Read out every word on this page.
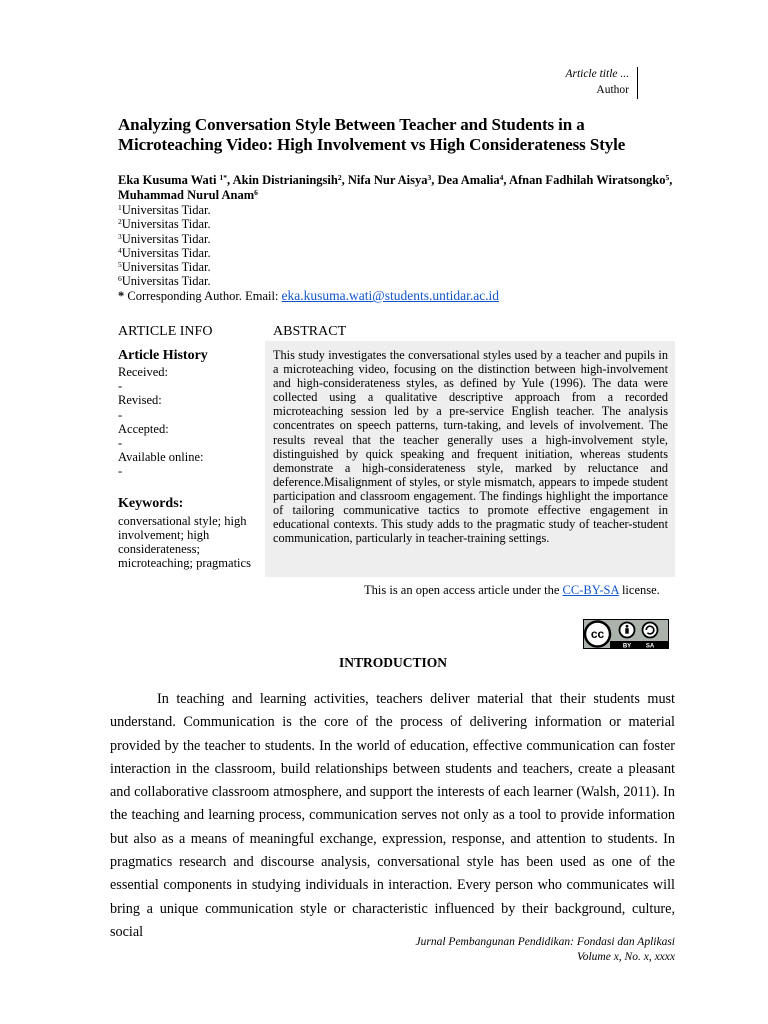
Article title ...
Author
Analyzing Conversation Style Between Teacher and Students in a Microteaching Video: High Involvement vs High Considerateness Style
Eka Kusuma Wati $^{1*}$, Akin Distrianingsih$^2$, Nifa Nur Aisya$^3$, Dea Amalia$^4$, Afnan Fadhilah Wiratsongko$^5$, Muhammad Nurul Anam$^6$
$^1$Universitas Tidar.
$^2$Universitas Tidar.
$^3$Universitas Tidar.
$^4$Universitas Tidar.
$^5$Universitas Tidar.
$^6$Universitas Tidar.
* Corresponding Author. Email: eka.kusuma.wati@students.untidar.ac.id
ARTICLE INFO	ABSTRACT
Article History
Received:
-
Revised:
-
Accepted:
-
Available online:
-
Keywords:
conversational style; high involvement; high considerateness; microteaching; pragmatics
This study investigates the conversational styles used by a teacher and pupils in a microteaching video, focusing on the distinction between high-involvement and high-considerateness styles, as defined by Yule (1996). The data were collected using a qualitative descriptive approach from a recorded microteaching session led by a pre-service English teacher. The analysis concentrates on speech patterns, turn-taking, and levels of involvement. The results reveal that the teacher generally uses a high-involvement style, distinguished by quick speaking and frequent initiation, whereas students demonstrate a high-considerateness style, marked by reluctance and deference.Misalignment of styles, or style mismatch, appears to impede student participation and classroom engagement. The findings highlight the importance of tailoring communicative tactics to promote effective engagement in educational contexts. This study adds to the pragmatic study of teacher-student communication, particularly in teacher-training settings.
This is an open access article under the CC-BY-SA license.
cc
BY SA
INTRODUCTION

In teaching and learning activities, teachers deliver material that their students must understand. Communication is the core of the process of delivering information or material provided by the teacher to students. In the world of education, effective communication can foster interaction in the classroom, build relationships between students and teachers, create a pleasant and collaborative classroom atmosphere, and support the interests of each learner (Walsh, 2011). In the teaching and learning process, communication serves not only as a tool to provide information but also as a means of meaningful exchange, expression, response, and attention to students. In pragmatics research and discourse analysis, conversational style has been used as one of the essential components in studying individuals in interaction. Every person who communicates will bring a unique communication style or characteristic influenced by their background, culture, social

Jurnal Pembangunan Pendidikan: Fondasi dan Aplikasi
Volume x, No. x, xxxx
